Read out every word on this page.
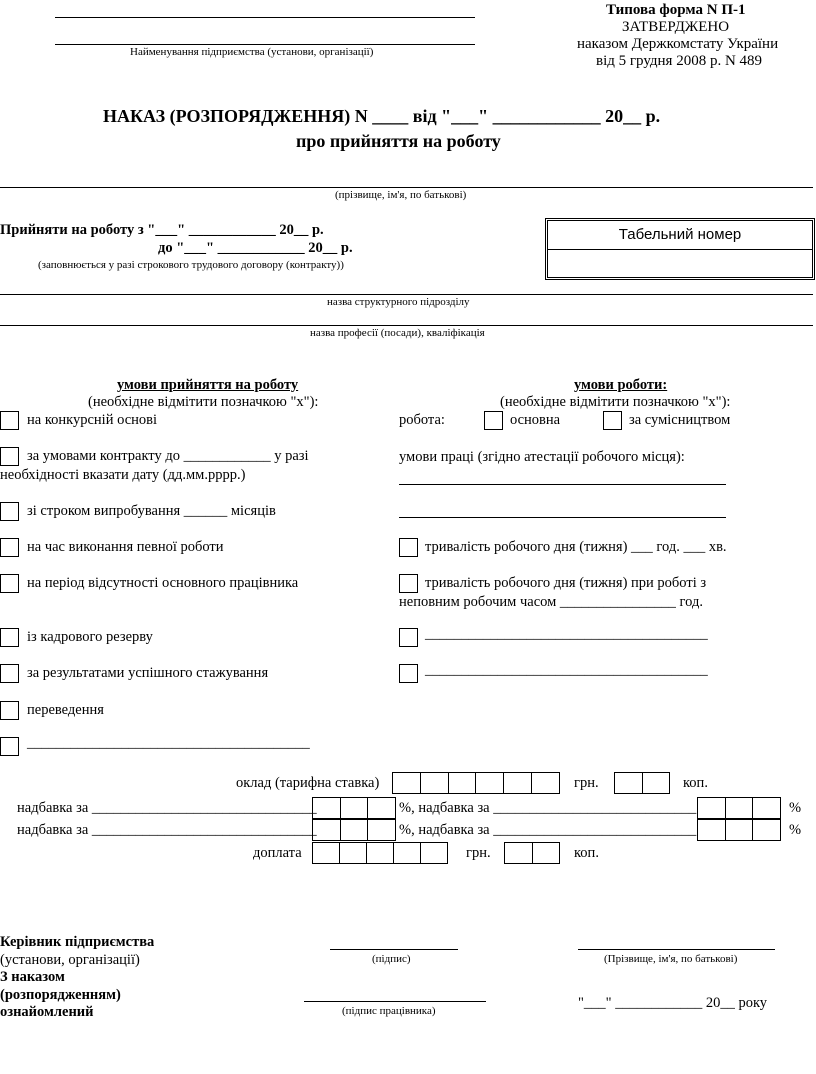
Найменування підприємства (установи, організації)
Типова форма N П-1
ЗАТВЕРДЖЕНО
наказом Держкомстату України
від 5 грудня 2008 р. N 489
НАКАЗ (РОЗПОРЯДЖЕННЯ) N ____ від "___" ____________ 20__ р.
про прийняття на роботу
(прізвище, ім'я, по батькові)
Прийняти на роботу з "___" ____________ 20__ р.
до "___" ____________ 20__ р.
(заповнюється у разі строкового трудового договору (контракту))
Табельний номер
назва структурного підрозділу
назва професії (посади), кваліфікація
умови прийняття на роботу
(необхідне відмітити позначкою "х"):
на конкурсній основі
за умовами контракту до ____________ у разі
необхідності вказати дату (дд.мм.рррр.)
зі строком випробування ______ місяців
на час виконання певної роботи
на період відсутності основного працівника
із кадрового резерву
за результатами успішного стажування
переведення
_______________________________________
умови роботи:
(необхідне відмітити позначкою "х"):
робота:	основна	за сумісництвом
умови праці (згідно атестації робочого місця):
тривалість робочого дня (тижня) ___ год. ___ хв.
тривалість робочого дня (тижня) при роботі з
неповним робочим часом ________________ год.
_______________________________________
_______________________________________
оклад (тарифна ставка)	грн.	коп.
надбавка за _______________________________	%, надбавка за ____________________________	%
надбавка за _______________________________	%, надбавка за ____________________________	%
доплата	грн.	коп.
Керівник підприємства
(установи, організації)	(підпис)	(Прізвище, ім'я, по батькові)
З наказом
(розпорядженням)
ознайомлений	(підпис працівника)	"___" ____________ 20__ року
